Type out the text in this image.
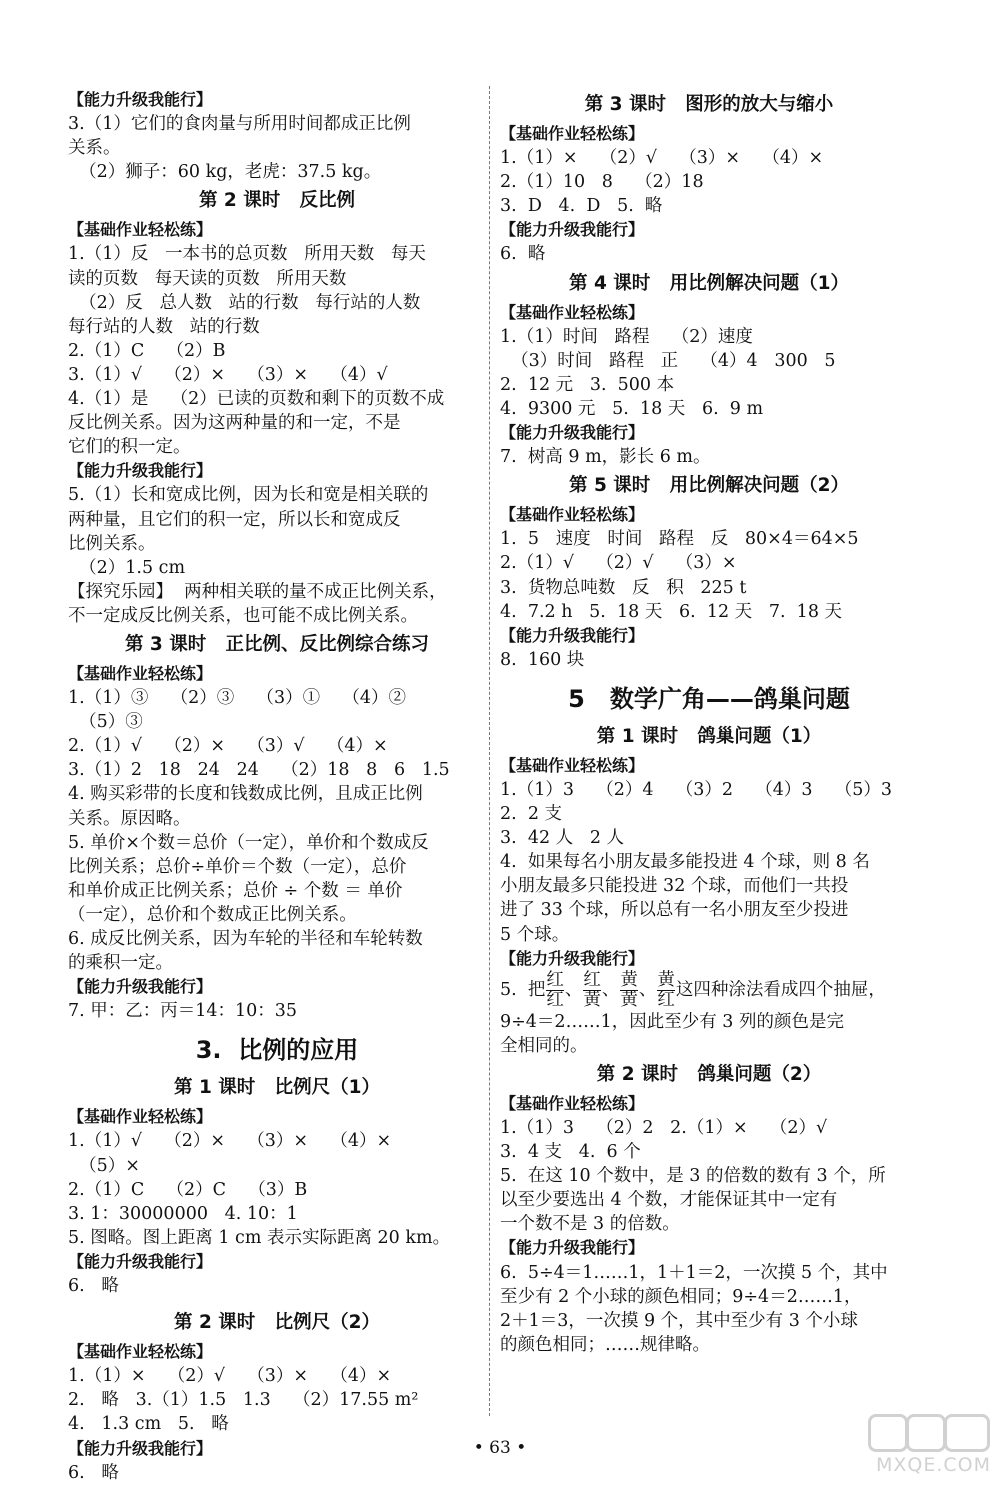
【能力升级我能行】
3.（1）它们的食肉量与所用时间都成正比例
关系。
（2）狮子：60 kg，老虎：37.5 kg。
第 2 课时   反比例
【基础作业轻松练】
1.（1）反   一本书的总页数   所用天数   每天
读的页数   每天读的页数   所用天数
（2）反   总人数   站的行数   每行站的人数
每行站的人数   站的行数
2.（1）C    （2）B
3.（1）√    （2）×    （3）×    （4）√
4.（1）是    （2）已读的页数和剩下的页数不成
反比例关系。因为这两种量的和一定，不是
它们的积一定。
【能力升级我能行】
5.（1）长和宽成比例，因为长和宽是相关联的
两种量，且它们的积一定，所以长和宽成反
比例关系。
（2）1.5 cm
【探究乐园】  两种相关联的量不成正比例关系，
不一定成反比例关系，也可能不成比例关系。
第 3 课时   正比例、反比例综合练习
【基础作业轻松练】
1.（1）③    （2）③    （3）①    （4）②
（5）③
2.（1）√    （2）×    （3）√    （4）×
3.（1）2   18   24   24    （2）18   8   6   1.5
4. 购买彩带的长度和钱数成比例，且成正比例
关系。原因略。
5. 单价×个数＝总价（一定），单价和个数成反
比例关系；总价÷单价＝个数（一定），总价
和单价成正比例关系；总价 ÷ 个数 ＝ 单价
（一定），总价和个数成正比例关系。
6. 成反比例关系，因为车轮的半径和车轮转数
的乘积一定。
【能力升级我能行】
7. 甲：乙：丙＝14：10：35
3.  比例的应用
第 1 课时   比例尺（1）
【基础作业轻松练】
1.（1）√    （2）×    （3）×    （4）×
（5）×
2.（1）C    （2）C    （3）B
3. 1：30000000   4. 10：1
5. 图略。图上距离 1 cm 表示实际距离 20 km。
【能力升级我能行】
6.   略
第 2 课时   比例尺（2）
【基础作业轻松练】
1.（1）×    （2）√    （3）×    （4）×
2.   略   3.（1）1.5   1.3    （2）17.55 m²
4.   1.3 cm   5.   略
【能力升级我能行】
6.   略
第 3 课时   图形的放大与缩小
【基础作业轻松练】
1.（1）×    （2）√    （3）×    （4）×
2.（1）10   8    （2）18
3.  D   4.  D   5.  略
【能力升级我能行】
6.  略
第 4 课时   用比例解决问题（1）
【基础作业轻松练】
1.（1）时间   路程    （2）速度
（3）时间   路程   正    （4）4   300   5
2.  12 元   3.  500 本
4.  9300 元   5.  18 天   6.  9 m
【能力升级我能行】
7.  树高 9 m，影长 6 m。
第 5 课时   用比例解决问题（2）
【基础作业轻松练】
1.  5   速度   时间   路程   反   80×4＝64×5
2.（1）√    （2）√    （3）×
3.  货物总吨数   反   积   225 t
4.  7.2 h   5.  18 天   6.  12 天   7.  18 天
【能力升级我能行】
8.  160 块
5   数学广角——鸽巢问题
第 1 课时   鸽巢问题（1）
【基础作业轻松练】
1.（1）3    （2）4    （3）2    （4）3    （5）3
2.  2 支
3.  42 人   2 人
4.  如果每名小朋友最多能投进 4 个球，则 8 名
小朋友最多只能投进 32 个球，而他们一共投
进了 33 个球，所以总有一名小朋友至少投进
5 个球。
【能力升级我能行】
5.  把 $\frac{\text{红}}{\text{红}}$ 、 $\frac{\text{红}}{\text{黄}}$ 、 $\frac{\text{黄}}{\text{黄}}$ 、 $\frac{\text{黄}}{\text{红}}$ 这四种涂法看成四个抽屉，
9÷4＝2……1，因此至少有 3 列的颜色是完
全相同的。
第 2 课时   鸽巢问题（2）
【基础作业轻松练】
1.（1）3    （2）2   2.（1）×    （2）√
3.  4 支   4.  6 个
5.  在这 10 个数中，是 3 的倍数的数有 3 个，所
以至少要选出 4 个数，才能保证其中一定有
一个数不是 3 的倍数。
【能力升级我能行】
6.  5÷4＝1……1，1＋1＝2，一次摸 5 个，其中
至少有 2 个小球的颜色相同；9÷4＝2……1，
2＋1＝3，一次摸 9 个，其中至少有 3 个小球
的颜色相同；……规律略。
• 63 •
MXQE.COM
